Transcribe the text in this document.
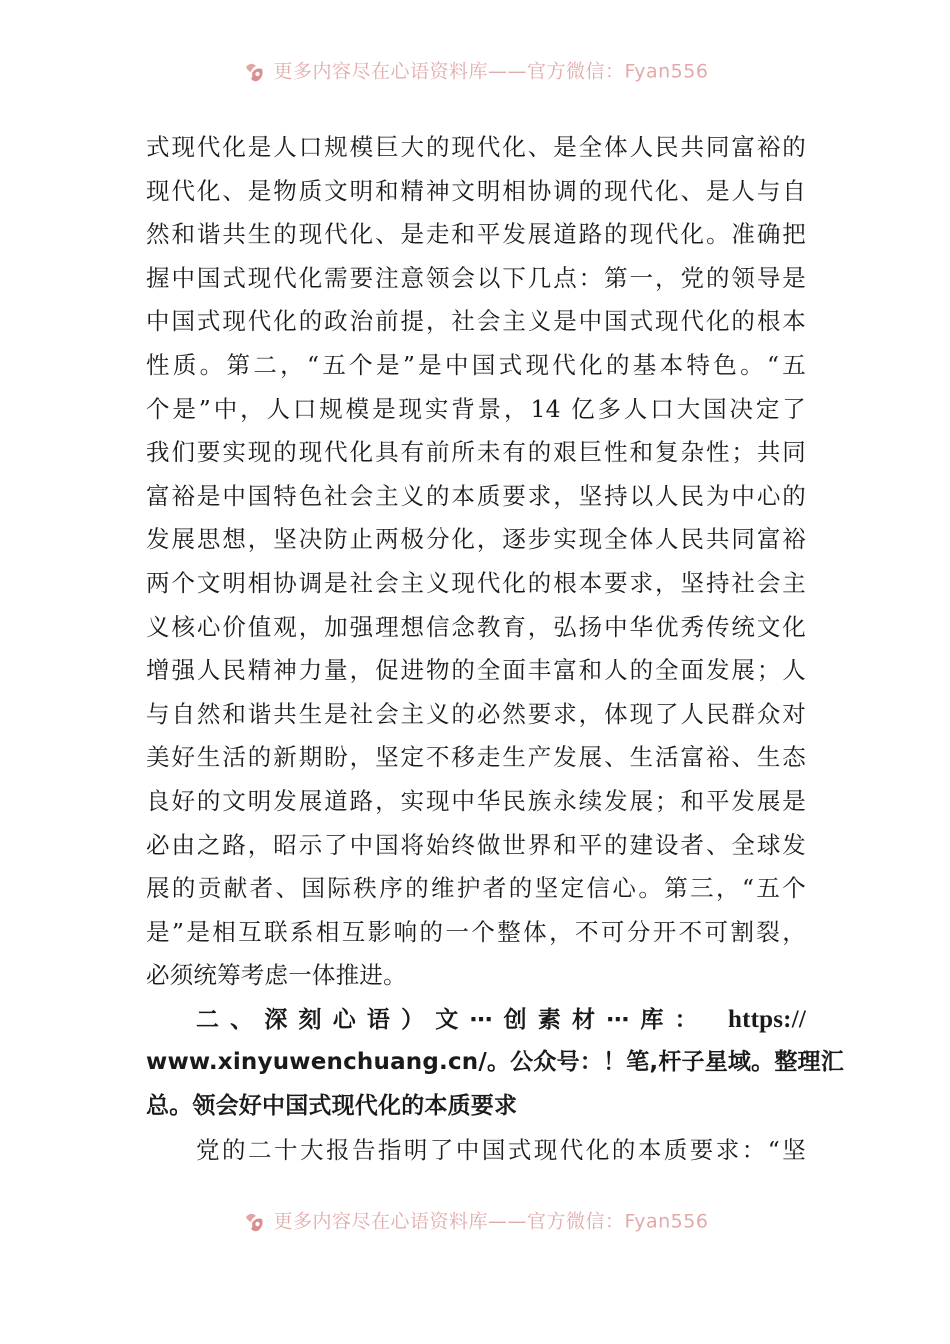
更多内容尽在心语资料库——官方微信：Fyan556
式现代化是人口规模巨大的现代化、是全体人民共同富裕的
现代化、是物质文明和精神文明相协调的现代化、是人与自
然和谐共生的现代化、是走和平发展道路的现代化。准确把
握中国式现代化需要注意领会以下几点：第一，党的领导是
中国式现代化的政治前提，社会主义是中国式现代化的根本
性质。第二，“五个是”是中国式现代化的基本特色。“五
个是”中，人口规模是现实背景，14 亿多人口大国决定了
我们要实现的现代化具有前所未有的艰巨性和复杂性；共同
富裕是中国特色社会主义的本质要求，坚持以人民为中心的
发展思想，坚决防止两极分化，逐步实现全体人民共同富裕
两个文明相协调是社会主义现代化的根本要求，坚持社会主
义核心价值观，加强理想信念教育，弘扬中华优秀传统文化
增强人民精神力量，促进物的全面丰富和人的全面发展；人
与自然和谐共生是社会主义的必然要求，体现了人民群众对
美好生活的新期盼，坚定不移走生产发展、生活富裕、生态
良好的文明发展道路，实现中华民族永续发展；和平发展是
必由之路，昭示了中国将始终做世界和平的建设者、全球发
展的贡献者、国际秩序的维护者的坚定信心。第三，“五个
是”是相互联系相互影响的一个整体，不可分开不可割裂，
必须统筹考虑一体推进。
二、深刻心语）文⋯创素材⋯库： https://
www.xinyuwenchuang.cn/。公众号：！笔,杆子星域。整理汇
总。领会好中国式现代化的本质要求
党的二十大报告指明了中国式现代化的本质要求：“坚
更多内容尽在心语资料库——官方微信：Fyan556
